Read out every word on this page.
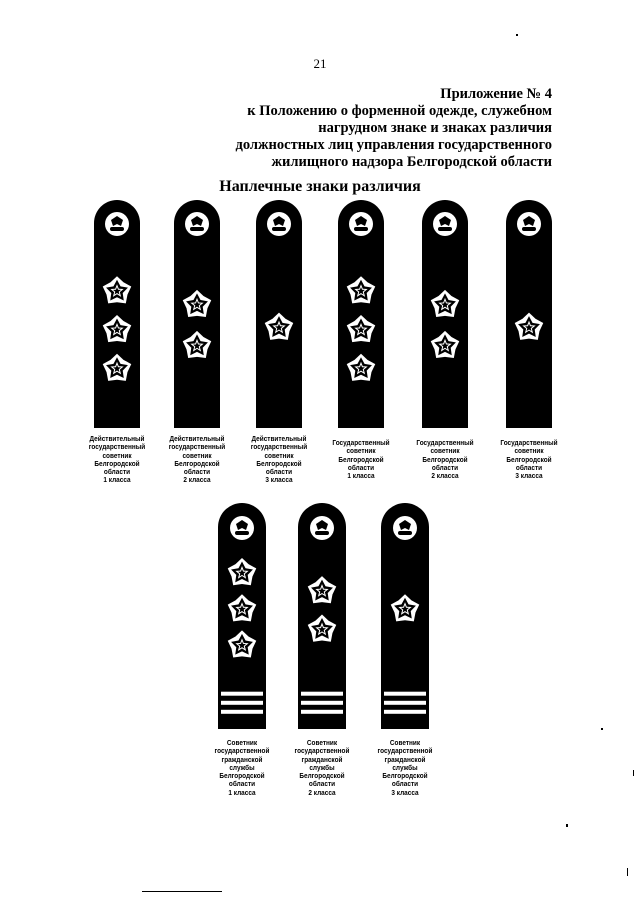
21
Приложение № 4
к Положению о форменной одежде, служебном
нагрудном знаке и знаках различия
должностных лиц управления государственного
жилищного надзора Белгородской области
Наплечные знаки различия
Действительный
государственный
советник
Белгородской
области
1 класса
Действительный
государственный
советник
Белгородской
области
2 класса
Действительный
государственный
советник
Белгородской
области
3 класса
Государственный
советник
Белгородской
области
1 класса
Государственный
советник
Белгородской
области
2 класса
Государственный
советник
Белгородской
области
3 класса
Советник
государственной
гражданской
службы
Белгородской
области
1 класса
Советник
государственной
гражданской
службы
Белгородской
области
2 класса
Советник
государственной
гражданской
службы
Белгородской
области
3 класса
